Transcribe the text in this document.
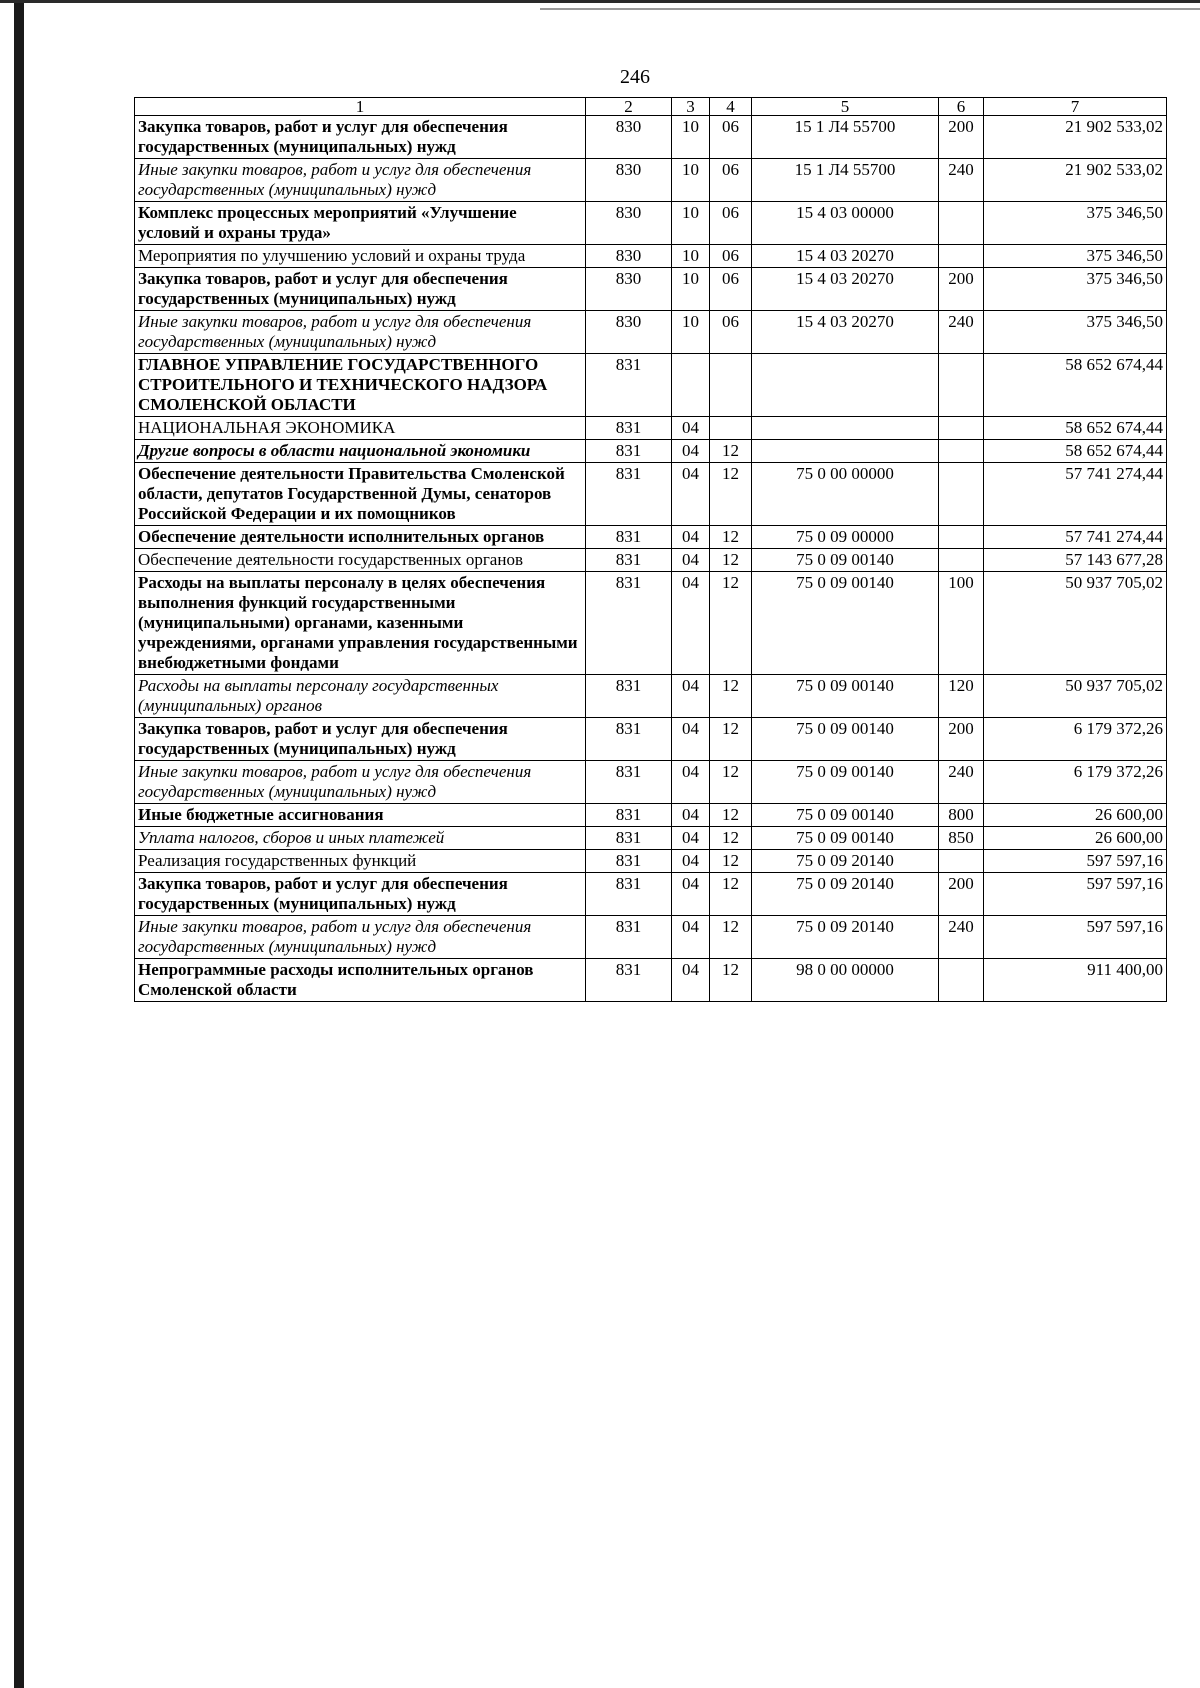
246
1	2	3	4	5	6	7
Закупка товаров, работ и услуг для обеспечения государственных (муниципальных) нужд	830	10	06	15 1 Л4 55700	200	21 902 533,02
Иные закупки товаров, работ и услуг для обеспечения государственных (муниципальных) нужд	830	10	06	15 1 Л4 55700	240	21 902 533,02
Комплекс процессных мероприятий «Улучшение условий и охраны труда»	830	10	06	15 4 03 00000		375 346,50
Мероприятия по улучшению условий и охраны труда	830	10	06	15 4 03 20270		375 346,50
Закупка товаров, работ и услуг для обеспечения государственных (муниципальных) нужд	830	10	06	15 4 03 20270	200	375 346,50
Иные закупки товаров, работ и услуг для обеспечения государственных (муниципальных) нужд	830	10	06	15 4 03 20270	240	375 346,50
ГЛАВНОЕ УПРАВЛЕНИЕ ГОСУДАРСТВЕННОГО СТРОИТЕЛЬНОГО И ТЕХНИЧЕСКОГО НАДЗОРА СМОЛЕНСКОЙ ОБЛАСТИ	831					58 652 674,44
НАЦИОНАЛЬНАЯ ЭКОНОМИКА	831	04				58 652 674,44
Другие вопросы в области национальной экономики	831	04	12			58 652 674,44
Обеспечение деятельности Правительства Смоленской области, депутатов Государственной Думы, сенаторов Российской Федерации и их помощников	831	04	12	75 0 00 00000		57 741 274,44
Обеспечение деятельности исполнительных органов	831	04	12	75 0 09 00000		57 741 274,44
Обеспечение деятельности государственных органов	831	04	12	75 0 09 00140		57 143 677,28
Расходы на выплаты персоналу в целях обеспечения выполнения функций государственными (муниципальными) органами, казенными учреждениями, органами управления государственными внебюджетными фондами	831	04	12	75 0 09 00140	100	50 937 705,02
Расходы на выплаты персоналу государственных (муниципальных) органов	831	04	12	75 0 09 00140	120	50 937 705,02
Закупка товаров, работ и услуг для обеспечения государственных (муниципальных) нужд	831	04	12	75 0 09 00140	200	6 179 372,26
Иные закупки товаров, работ и услуг для обеспечения государственных (муниципальных) нужд	831	04	12	75 0 09 00140	240	6 179 372,26
Иные бюджетные ассигнования	831	04	12	75 0 09 00140	800	26 600,00
Уплата налогов, сборов и иных платежей	831	04	12	75 0 09 00140	850	26 600,00
Реализация государственных функций	831	04	12	75 0 09 20140		597 597,16
Закупка товаров, работ и услуг для обеспечения государственных (муниципальных) нужд	831	04	12	75 0 09 20140	200	597 597,16
Иные закупки товаров, работ и услуг для обеспечения государственных (муниципальных) нужд	831	04	12	75 0 09 20140	240	597 597,16
Непрограммные расходы исполнительных органов Смоленской области	831	04	12	98 0 00 00000		911 400,00
